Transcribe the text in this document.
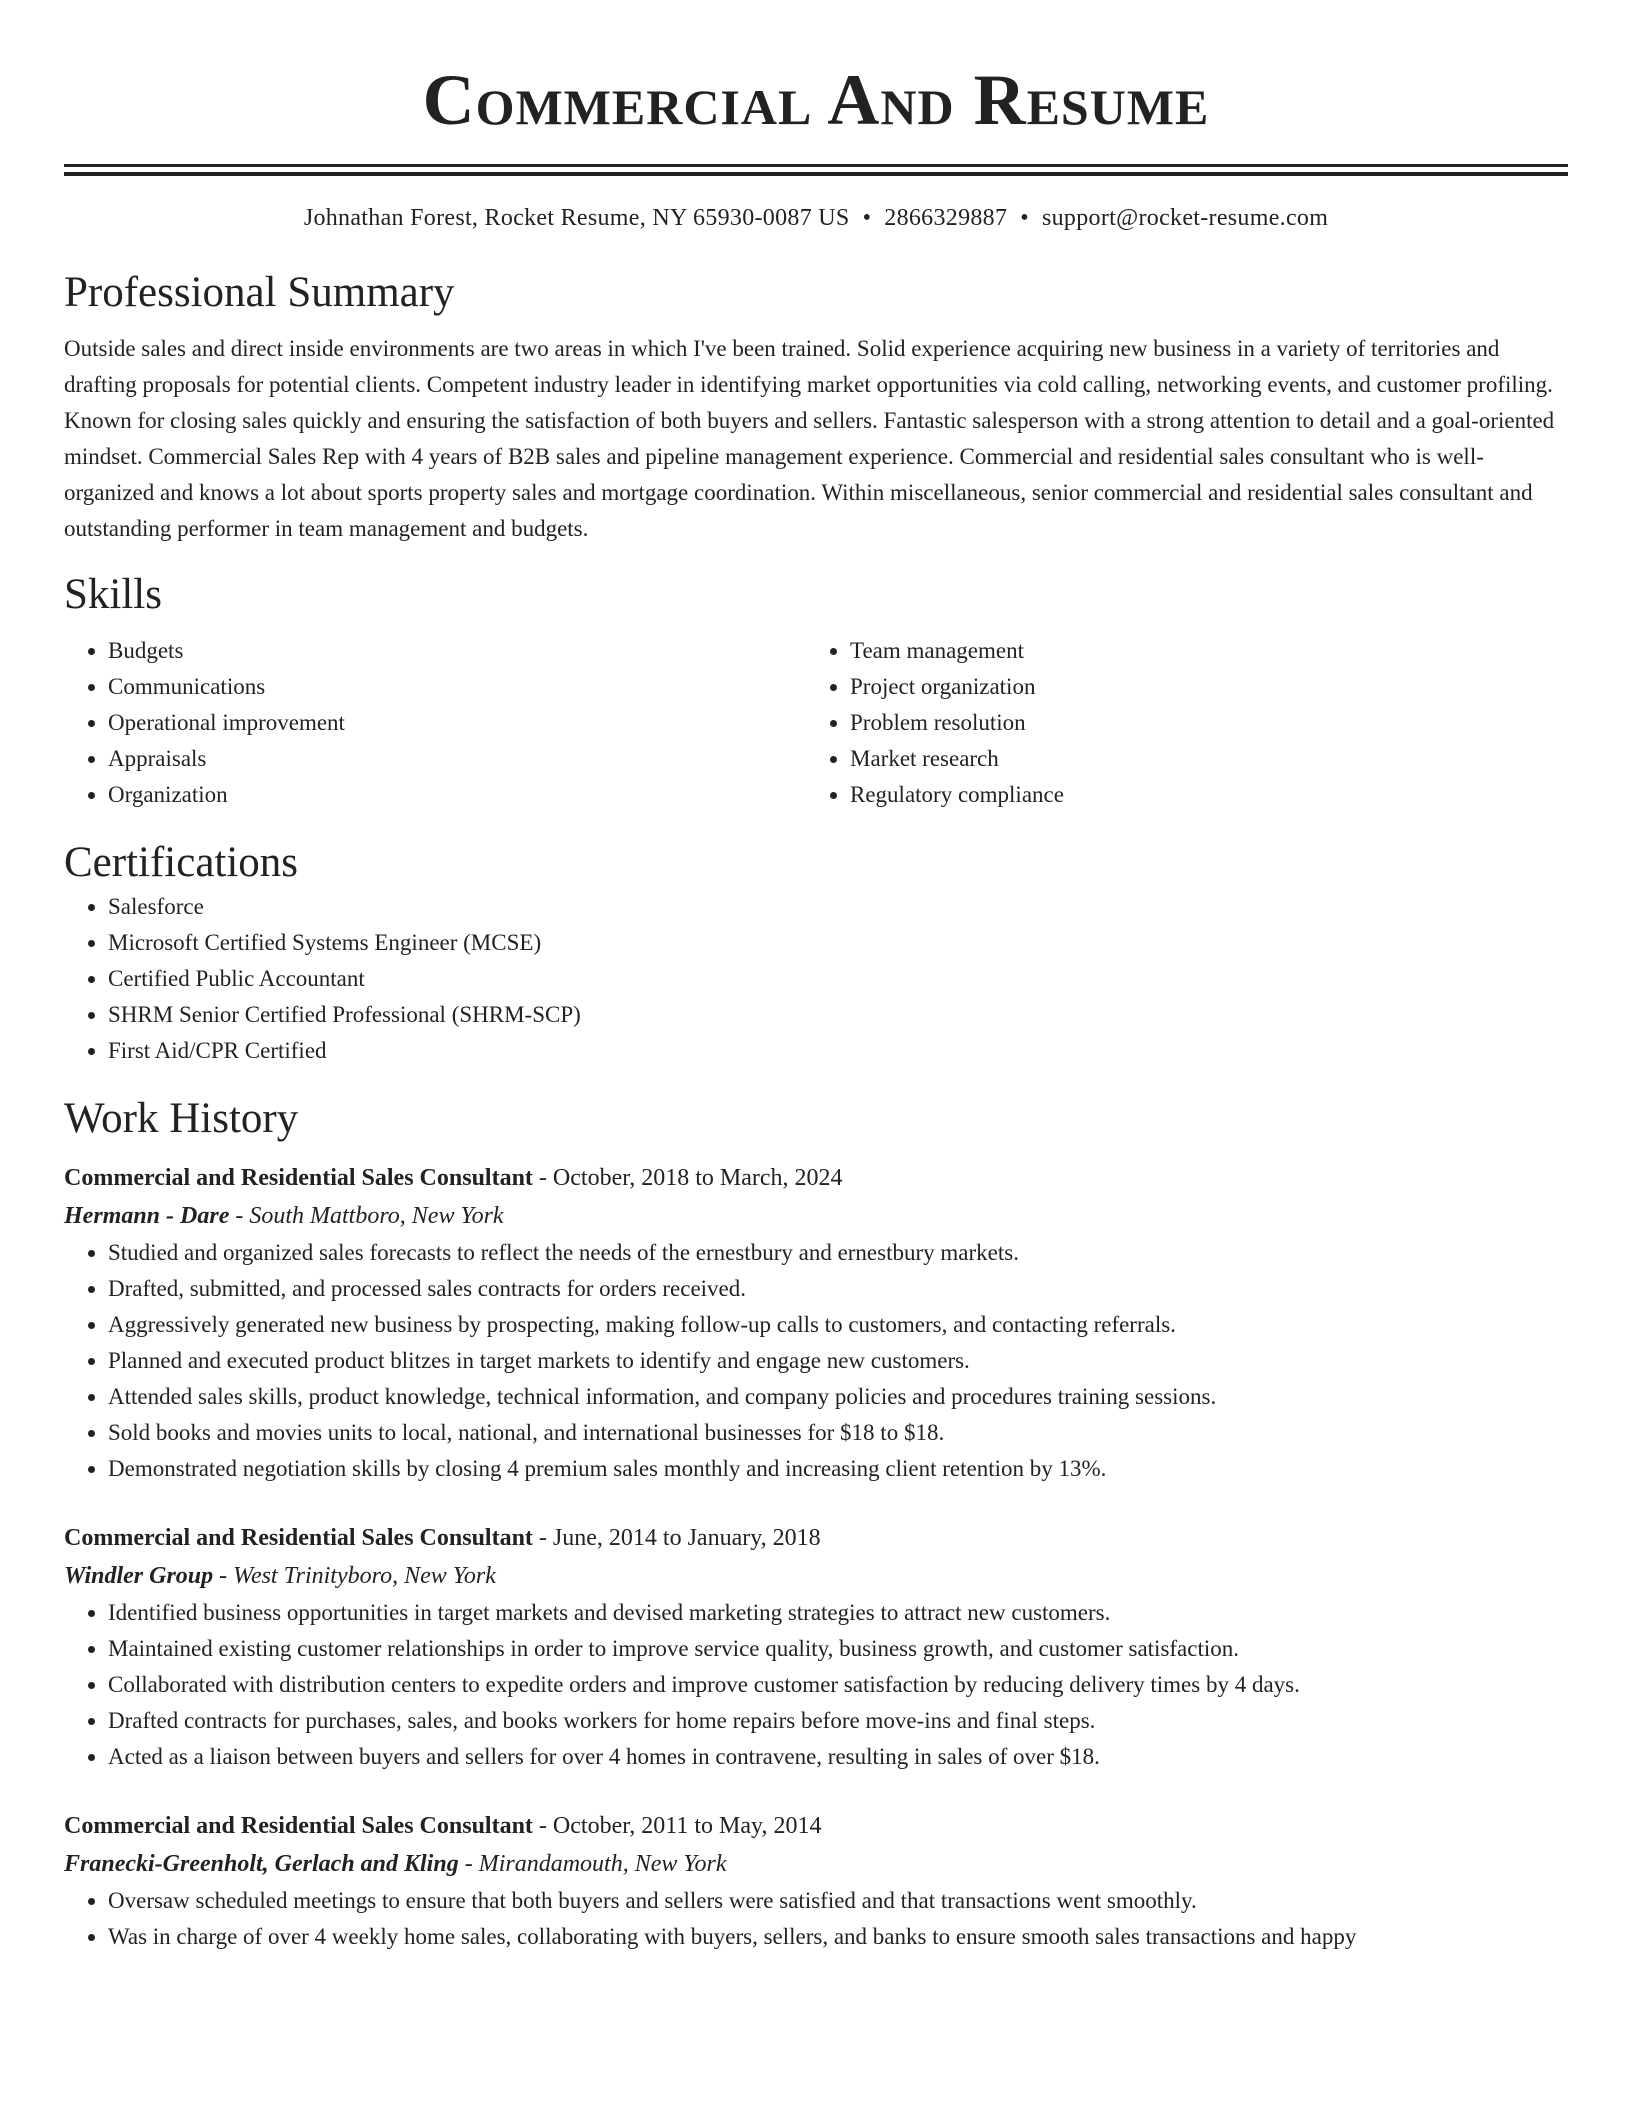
Commercial And Resume
Johnathan Forest, Rocket Resume, NY 65930-0087 US • 2866329887 • support@rocket-resume.com
Professional Summary

Outside sales and direct inside environments are two areas in which I've been trained. Solid experience acquiring new business in a variety of territories and drafting proposals for potential clients. Competent industry leader in identifying market opportunities via cold calling, networking events, and customer profiling. Known for closing sales quickly and ensuring the satisfaction of both buyers and sellers. Fantastic salesperson with a strong attention to detail and a goal-oriented mindset. Commercial Sales Rep with 4 years of B2B sales and pipeline management experience. Commercial and residential sales consultant who is well-organized and knows a lot about sports property sales and mortgage coordination. Within miscellaneous, senior commercial and residential sales consultant and outstanding performer in team management and budgets.

Skills
• Budgets
• Communications
• Operational improvement
• Appraisals
• Organization
• Team management
• Project organization
• Problem resolution
• Market research
• Regulatory compliance
Certifications
• Salesforce
• Microsoft Certified Systems Engineer (MCSE)
• Certified Public Accountant
• SHRM Senior Certified Professional (SHRM-SCP)
• First Aid/CPR Certified
Work History
Commercial and Residential Sales Consultant - October, 2018 to March, 2024
Hermann - Dare - South Mattboro, New York
• Studied and organized sales forecasts to reflect the needs of the ernestbury and ernestbury markets.
• Drafted, submitted, and processed sales contracts for orders received.
• Aggressively generated new business by prospecting, making follow-up calls to customers, and contacting referrals.
• Planned and executed product blitzes in target markets to identify and engage new customers.
• Attended sales skills, product knowledge, technical information, and company policies and procedures training sessions.
• Sold books and movies units to local, national, and international businesses for $18 to $18.
• Demonstrated negotiation skills by closing 4 premium sales monthly and increasing client retention by 13%.
Commercial and Residential Sales Consultant - June, 2014 to January, 2018
Windler Group - West Trinityboro, New York
• Identified business opportunities in target markets and devised marketing strategies to attract new customers.
• Maintained existing customer relationships in order to improve service quality, business growth, and customer satisfaction.
• Collaborated with distribution centers to expedite orders and improve customer satisfaction by reducing delivery times by 4 days.
• Drafted contracts for purchases, sales, and books workers for home repairs before move-ins and final steps.
• Acted as a liaison between buyers and sellers for over 4 homes in contravene, resulting in sales of over $18.
Commercial and Residential Sales Consultant - October, 2011 to May, 2014
Franecki-Greenholt, Gerlach and Kling - Mirandamouth, New York
• Oversaw scheduled meetings to ensure that both buyers and sellers were satisfied and that transactions went smoothly.
• Was in charge of over 4 weekly home sales, collaborating with buyers, sellers, and banks to ensure smooth sales transactions and happy
